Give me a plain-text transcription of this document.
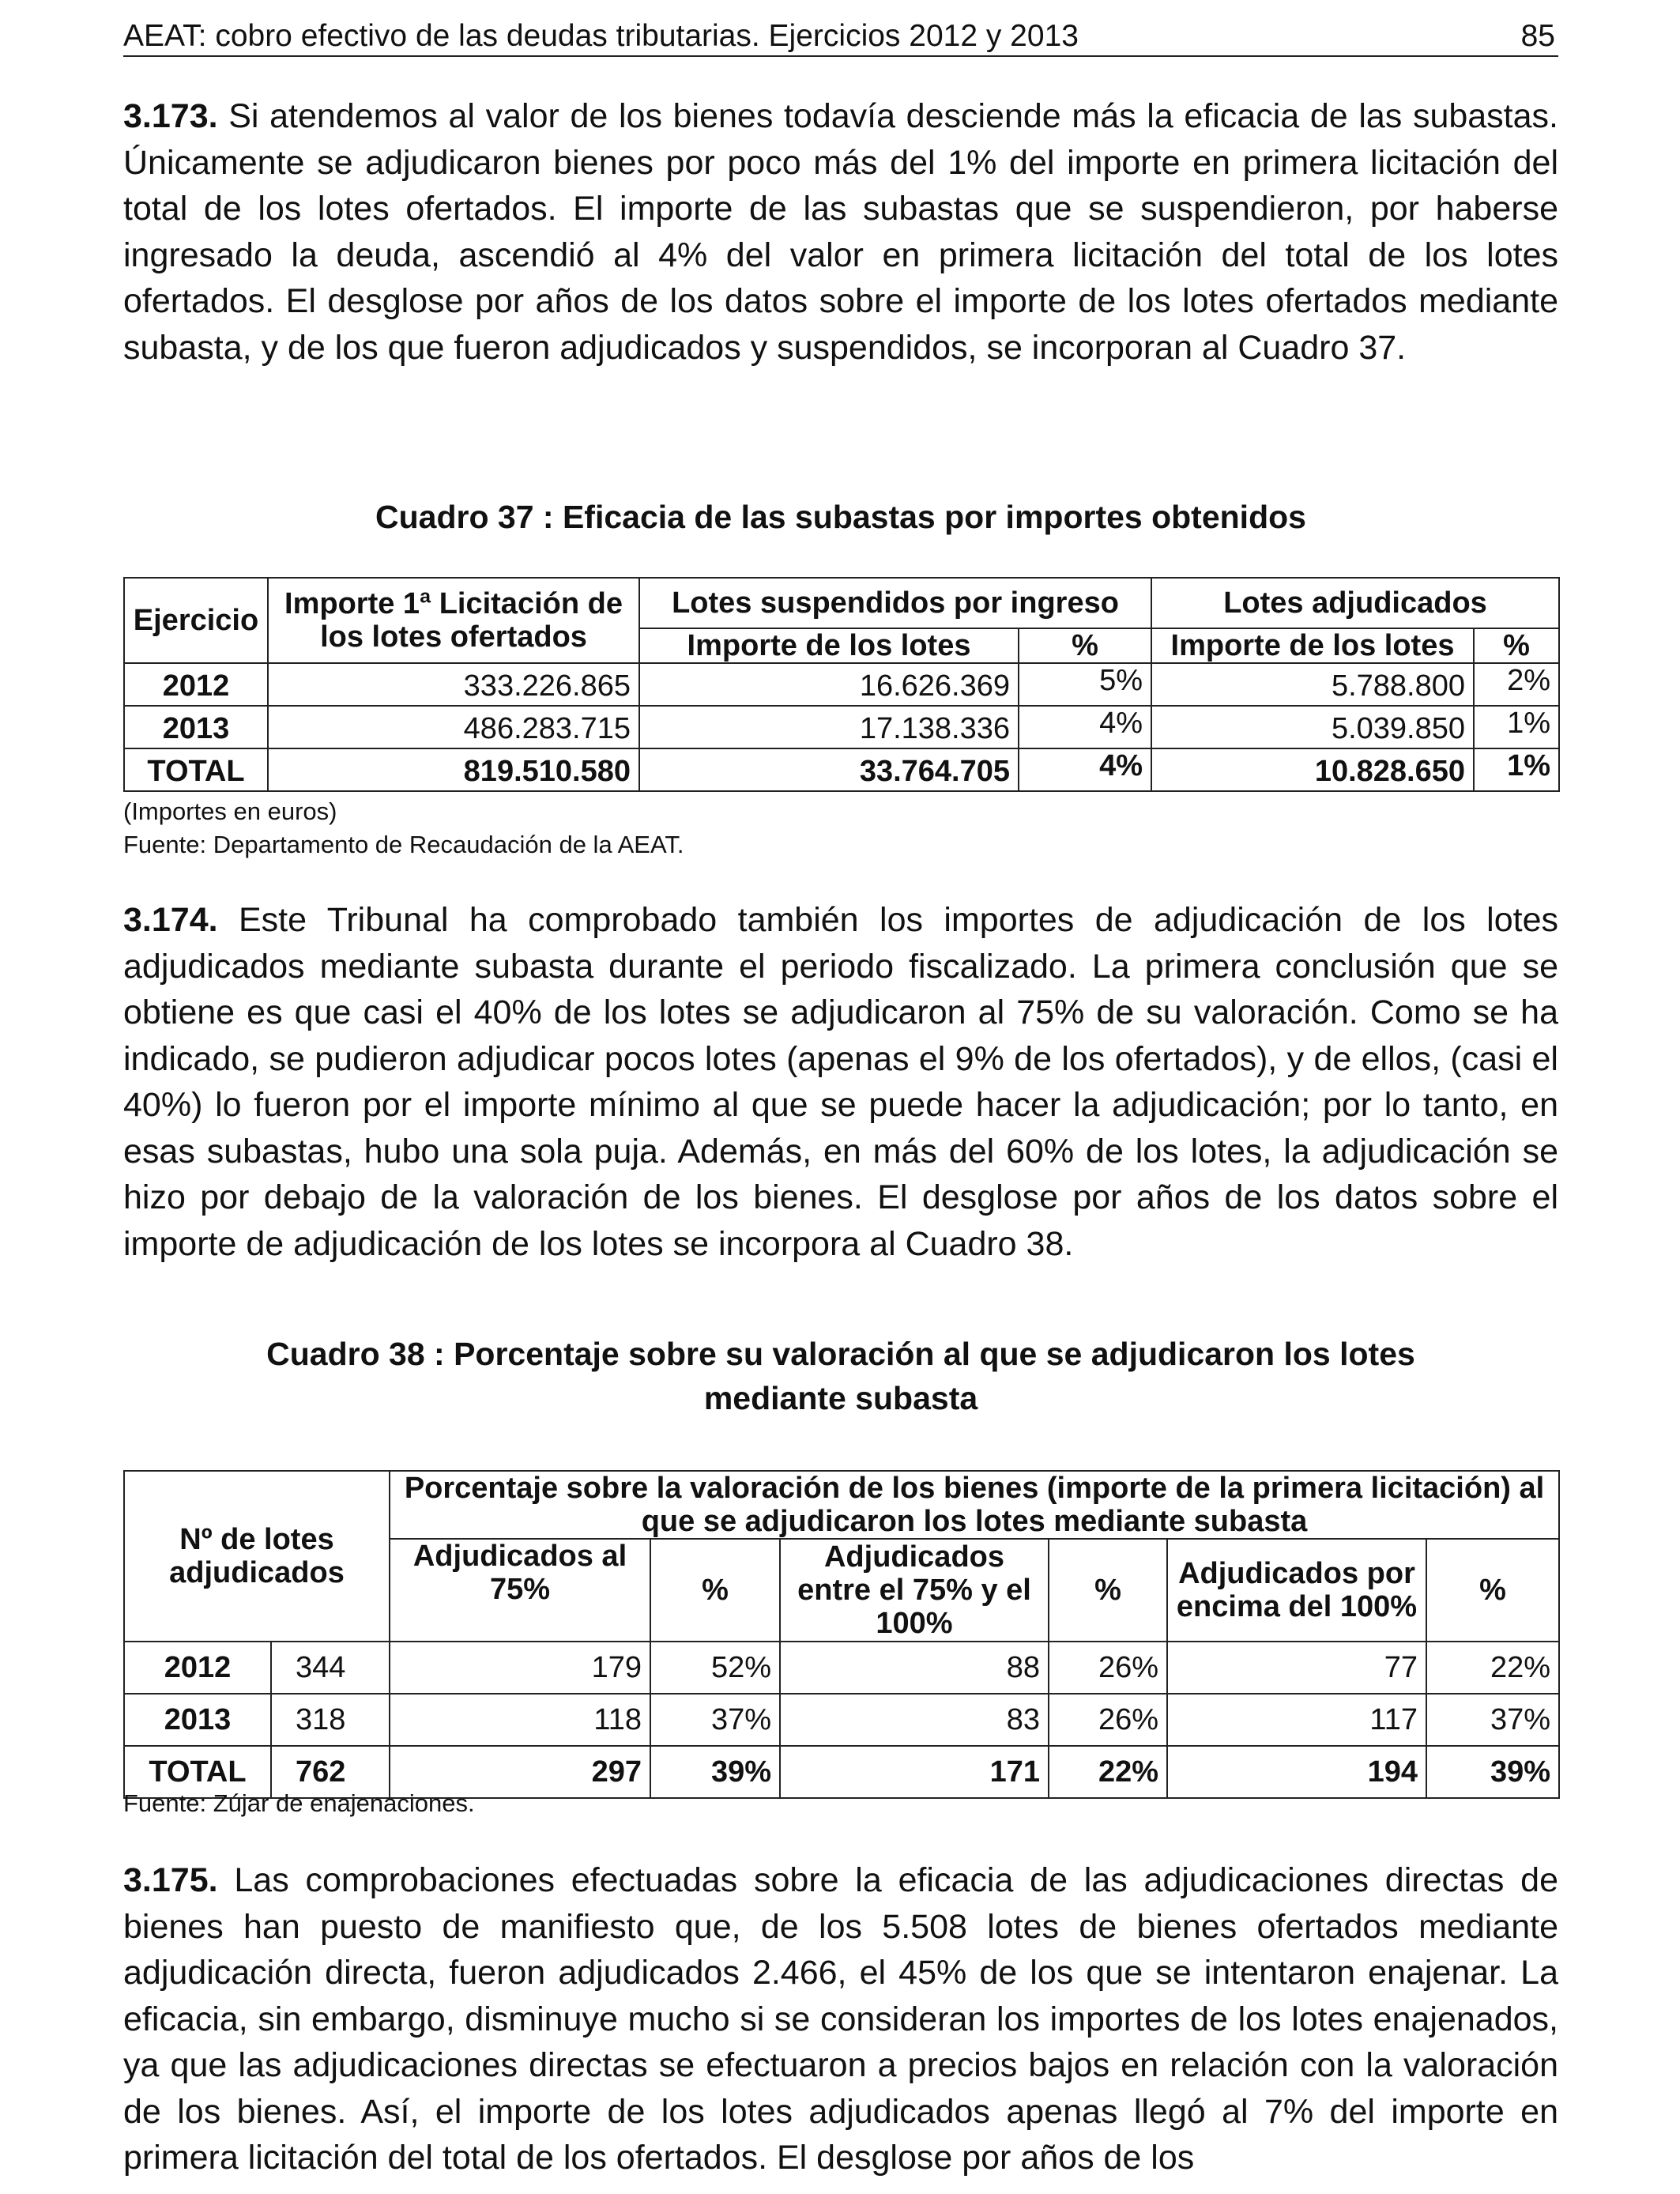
AEAT: cobro efectivo de las deudas tributarias. Ejercicios 2012 y 2013	85
3.173. Si atendemos al valor de los bienes todavía desciende más la eficacia de las subastas. Únicamente se adjudicaron bienes por poco más del 1% del importe en primera licitación del total de los lotes ofertados. El importe de las subastas que se suspendieron, por haberse ingresado la deuda, ascendió al 4% del valor en primera licitación del total de los lotes ofertados. El desglose por años de los datos sobre el importe de los lotes ofertados mediante subasta, y de los que fueron adjudicados y suspendidos, se incorporan al Cuadro 37.
Cuadro 37 : Eficacia de las subastas por importes obtenidos
Ejercicio	Importe 1ª Licitación de los lotes ofertados	Lotes suspendidos por ingreso		Lotes adjudicados	
		Importe de los lotes	%	Importe de los lotes	%
2012	333.226.865	16.626.369	5%	5.788.800	2%
2013	486.283.715	17.138.336	4%	5.039.850	1%
TOTAL	819.510.580	33.764.705	4%	10.828.650	1%
(Importes en euros)
Fuente: Departamento de Recaudación de la AEAT.
3.174. Este Tribunal ha comprobado también los importes de adjudicación de los lotes adjudicados mediante subasta durante el periodo fiscalizado. La primera conclusión que se obtiene es que casi el 40% de los lotes se adjudicaron al 75% de su valoración. Como se ha indicado, se pudieron adjudicar pocos lotes (apenas el 9% de los ofertados), y de ellos, (casi el 40%) lo fueron por el importe mínimo al que se puede hacer la adjudicación; por lo tanto, en esas subastas, hubo una sola puja. Además, en más del 60% de los lotes, la adjudicación se hizo por debajo de la valoración de los bienes. El desglose por años de los datos sobre el importe de adjudicación de los lotes se incorpora al Cuadro 38.
Cuadro 38 : Porcentaje sobre su valoración al que se adjudicaron los lotes
mediante subasta
Nº de lotes adjudicados		Porcentaje sobre la valoración de los bienes (importe de la primera licitación) al que se adjudicaron los lotes mediante subasta					
		Adjudicados al 75%	%	Adjudicados entre el 75% y el 100%	%	Adjudicados por encima del 100%	%
2012	344	179	52%	88	26%	77	22%
2013	318	118	37%	83	26%	117	37%
TOTAL	762	297	39%	171	22%	194	39%
Fuente: Zújar de enajenaciones.
3.175. Las comprobaciones efectuadas sobre la eficacia de las adjudicaciones directas de bienes han puesto de manifiesto que, de los 5.508 lotes de bienes ofertados mediante adjudicación directa, fueron adjudicados 2.466, el 45% de los que se intentaron enajenar. La eficacia, sin embargo, disminuye mucho si se consideran los importes de los lotes enajenados, ya que las adjudicaciones directas se efectuaron a precios bajos en relación con la valoración de los bienes. Así, el importe de los lotes adjudicados apenas llegó al 7% del importe en primera licitación del total de los ofertados. El desglose por años de los
